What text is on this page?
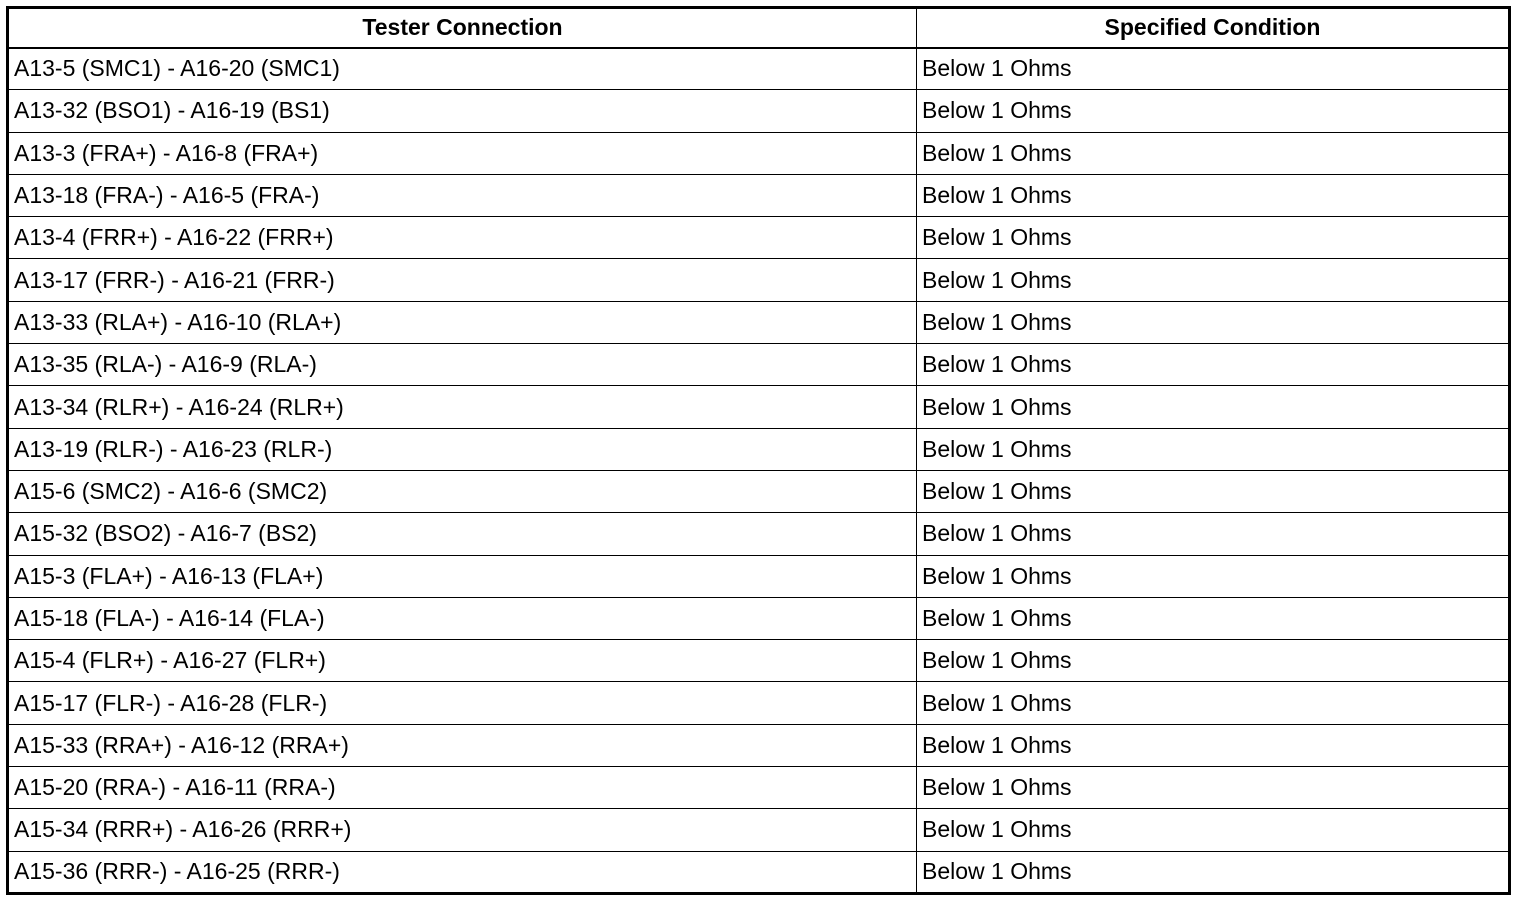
Tester Connection	Specified Condition
A13-5 (SMC1) - A16-20 (SMC1)	Below 1 Ohms
A13-32 (BSO1) - A16-19 (BS1)	Below 1 Ohms
A13-3 (FRA+) - A16-8 (FRA+)	Below 1 Ohms
A13-18 (FRA-) - A16-5 (FRA-)	Below 1 Ohms
A13-4 (FRR+) - A16-22 (FRR+)	Below 1 Ohms
A13-17 (FRR-) - A16-21 (FRR-)	Below 1 Ohms
A13-33 (RLA+) - A16-10 (RLA+)	Below 1 Ohms
A13-35 (RLA-) - A16-9 (RLA-)	Below 1 Ohms
A13-34 (RLR+) - A16-24 (RLR+)	Below 1 Ohms
A13-19 (RLR-) - A16-23 (RLR-)	Below 1 Ohms
A15-6 (SMC2) - A16-6 (SMC2)	Below 1 Ohms
A15-32 (BSO2) - A16-7 (BS2)	Below 1 Ohms
A15-3 (FLA+) - A16-13 (FLA+)	Below 1 Ohms
A15-18 (FLA-) - A16-14 (FLA-)	Below 1 Ohms
A15-4 (FLR+) - A16-27 (FLR+)	Below 1 Ohms
A15-17 (FLR-) - A16-28 (FLR-)	Below 1 Ohms
A15-33 (RRA+) - A16-12 (RRA+)	Below 1 Ohms
A15-20 (RRA-) - A16-11 (RRA-)	Below 1 Ohms
A15-34 (RRR+) - A16-26 (RRR+)	Below 1 Ohms
A15-36 (RRR-) - A16-25 (RRR-)	Below 1 Ohms
